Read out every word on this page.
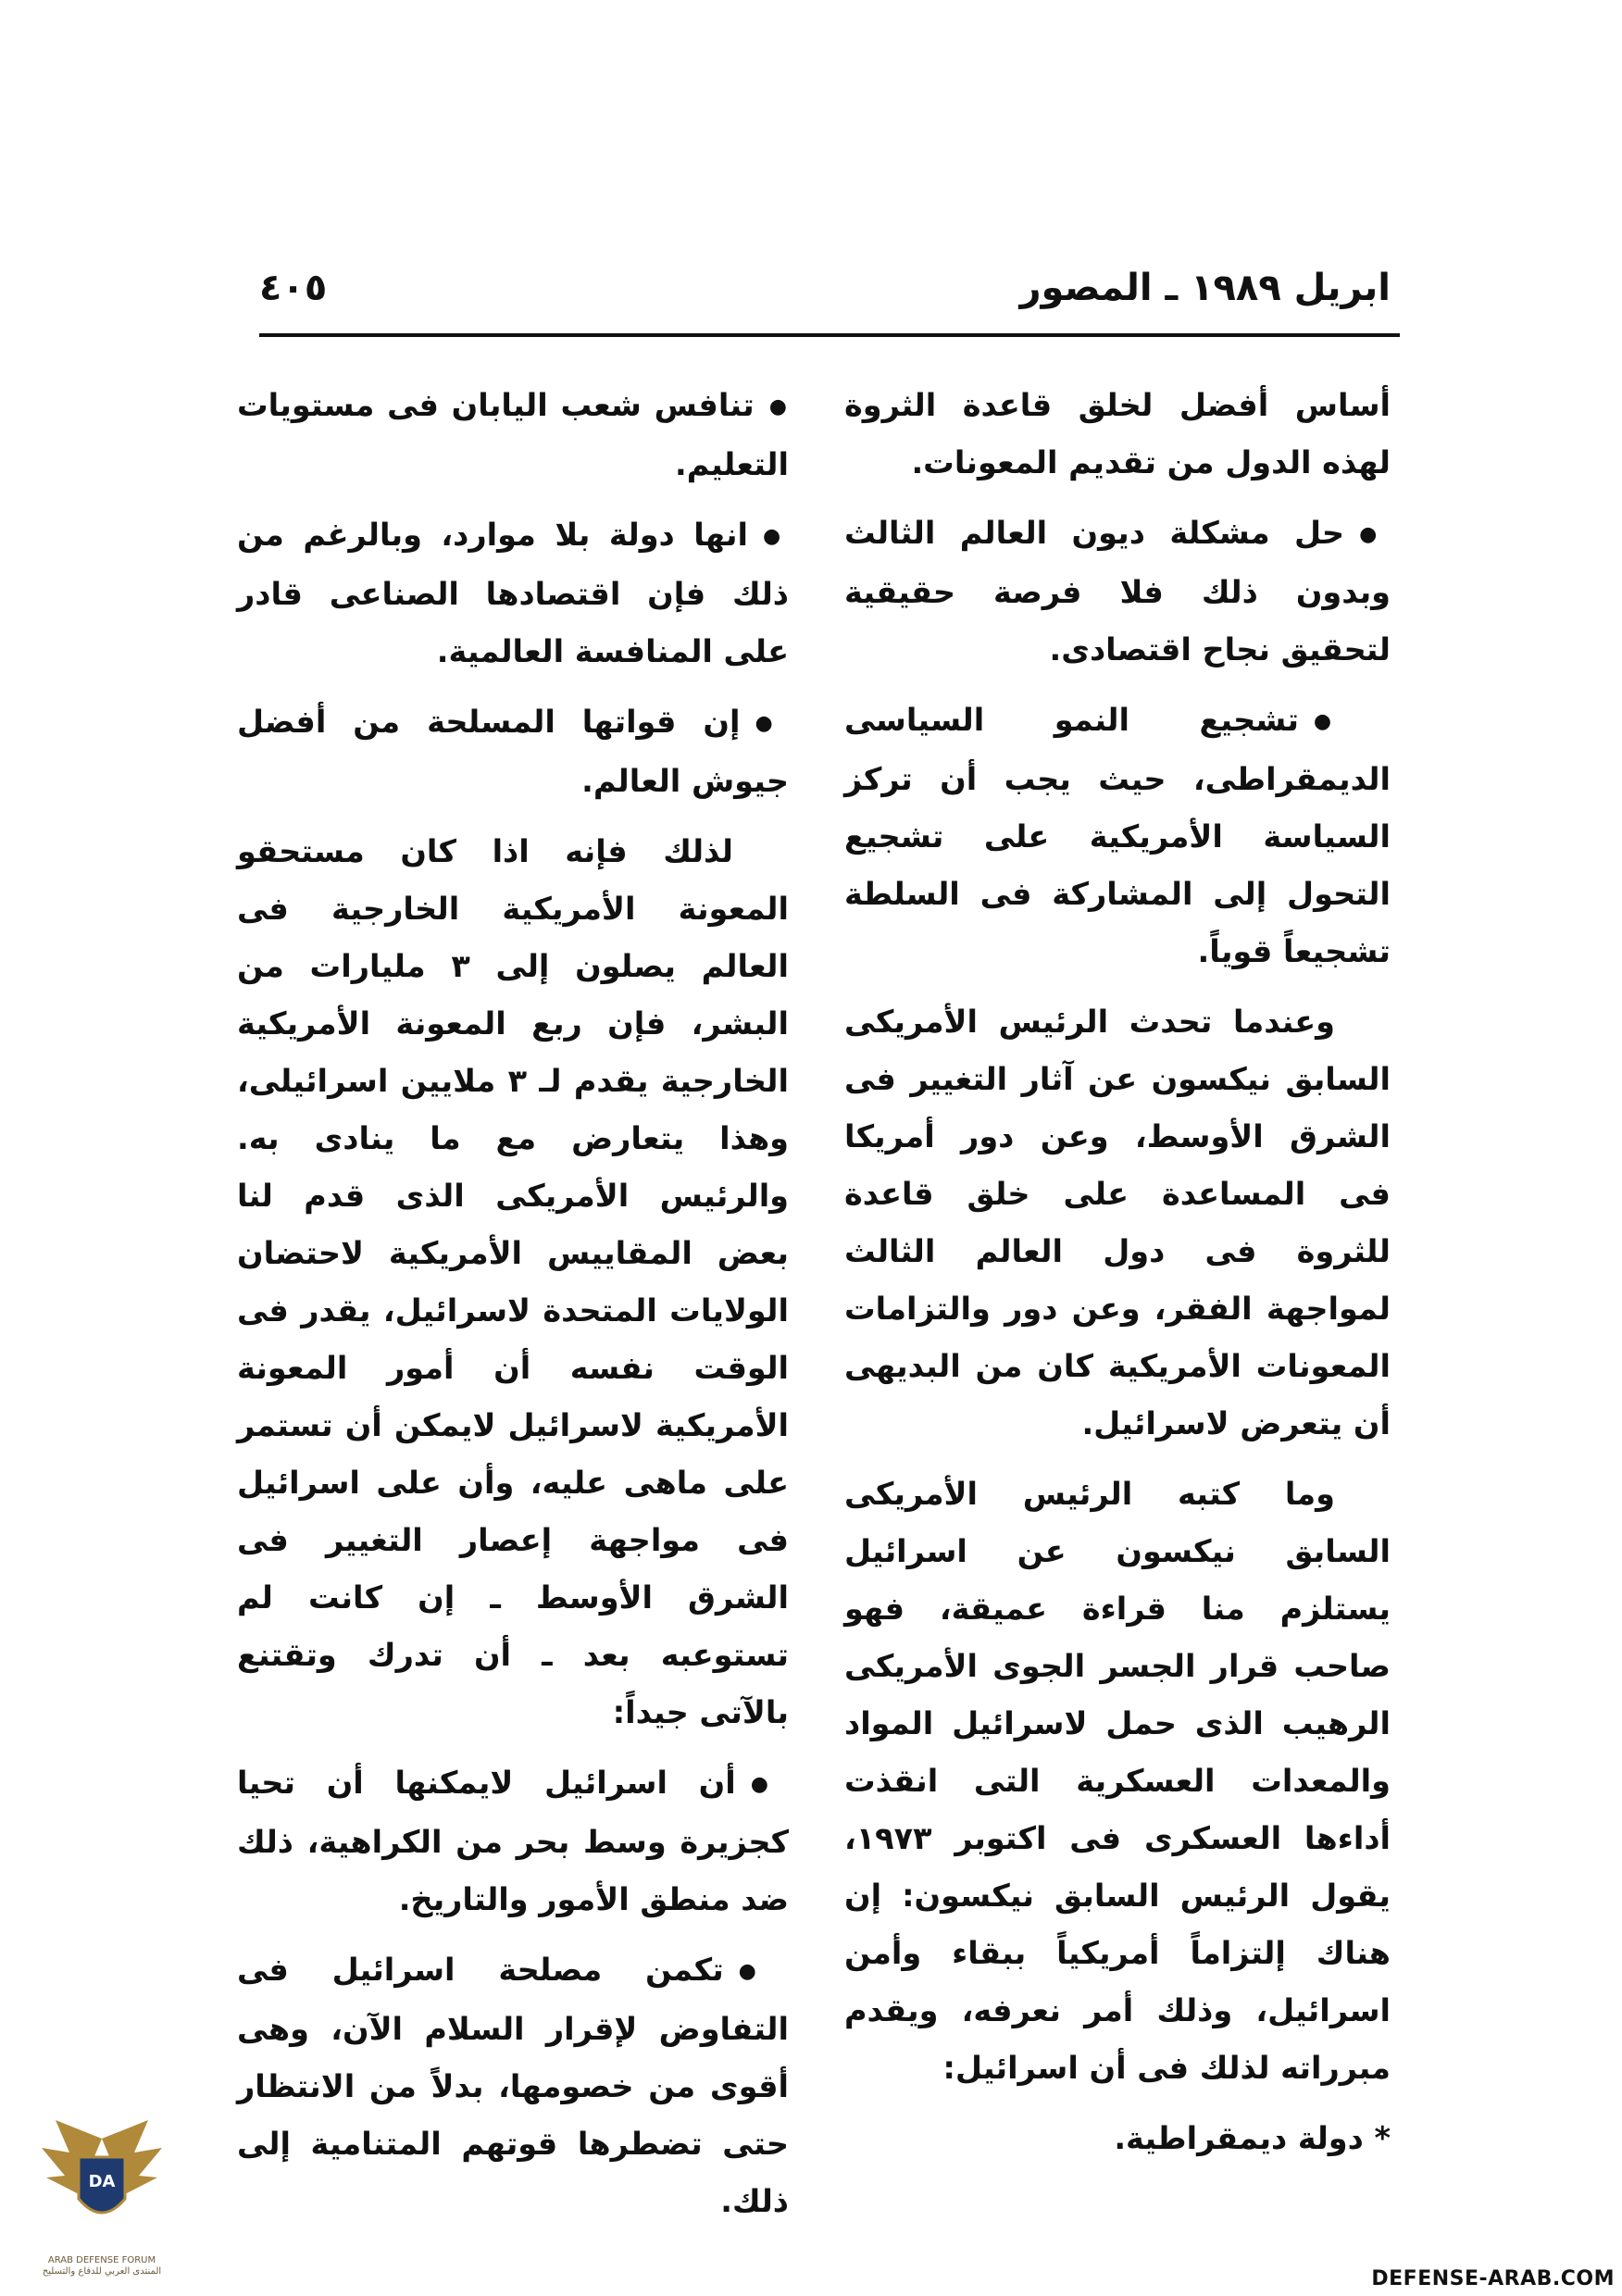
ابريل ١٩٨٩ ـ المصور
٤٠٥

أساس أفضل لخلق قاعدة الثروة لهذه الدول من تقديم المعونات.

●حل مشكلة ديون العالم الثالث وبدون ذلك فلا فرصة حقيقية لتحقيق نجاح اقتصادى.

●تشجيع النمو السياسى الديمقراطى، حيث يجب أن تركز السياسة الأمريكية على تشجيع التحول إلى المشاركة فى السلطة تشجيعاً قوياً.

وعندما تحدث الرئيس الأمريكى السابق نيكسون عن آثار التغيير فى الشرق الأوسط، وعن دور أمريكا فى المساعدة على خلق قاعدة للثروة فى دول العالم الثالث لمواجهة الفقر، وعن دور والتزامات المعونات الأمريكية كان من البديهى أن يتعرض لاسرائيل.

وما كتبه الرئيس الأمريكى السابق نيكسون عن اسرائيل يستلزم منا قراءة عميقة، فهو صاحب قرار الجسر الجوى الأمريكى الرهيب الذى حمل لاسرائيل المواد والمعدات العسكرية التى انقذت أداءها العسكرى فى اكتوبر ١٩٧٣، يقول الرئيس السابق نيكسون: إن هناك إلتزاماً أمريكياً ببقاء وأمن اسرائيل، وذلك أمر نعرفه، ويقدم مبرراته لذلك فى أن اسرائيل:

* دولة ديمقراطية.

●تنافس شعب اليابان فى مستويات التعليم.

●انها دولة بلا موارد، وبالرغم من ذلك فإن اقتصادها الصناعى قادر على المنافسة العالمية.

●إن قواتها المسلحة من أفضل جيوش العالم.

لذلك فإنه اذا كان مستحقو المعونة الأمريكية الخارجية فى العالم يصلون إلى ٣ مليارات من البشر، فإن ربع المعونة الأمريكية الخارجية يقدم لـ ٣ ملايين اسرائيلى، وهذا يتعارض مع ما ينادى به. والرئيس الأمريكى الذى قدم لنا بعض المقاييس الأمريكية لاحتضان الولايات المتحدة لاسرائيل، يقدر فى الوقت نفسه أن أمور المعونة الأمريكية لاسرائيل لايمكن أن تستمر على ماهى عليه، وأن على اسرائيل فى مواجهة إعصار التغيير فى الشرق الأوسط ـ إن كانت لم تستوعبه بعد ـ أن تدرك وتقتنع بالآتى جيداً:

●أن اسرائيل لايمكنها أن تحيا كجزيرة وسط بحر من الكراهية، ذلك ضد منطق الأمور والتاريخ.

●تكمن مصلحة اسرائيل فى التفاوض لإقرار السلام الآن، وهى أقوى من خصومها، بدلاً من الانتظار حتى تضطرها قوتهم المتنامية إلى ذلك.

DA
ARAB DEFENSE FORUM
المنتدى العربي للدفاع والتسليح	DEFENSE-ARAB.COM
